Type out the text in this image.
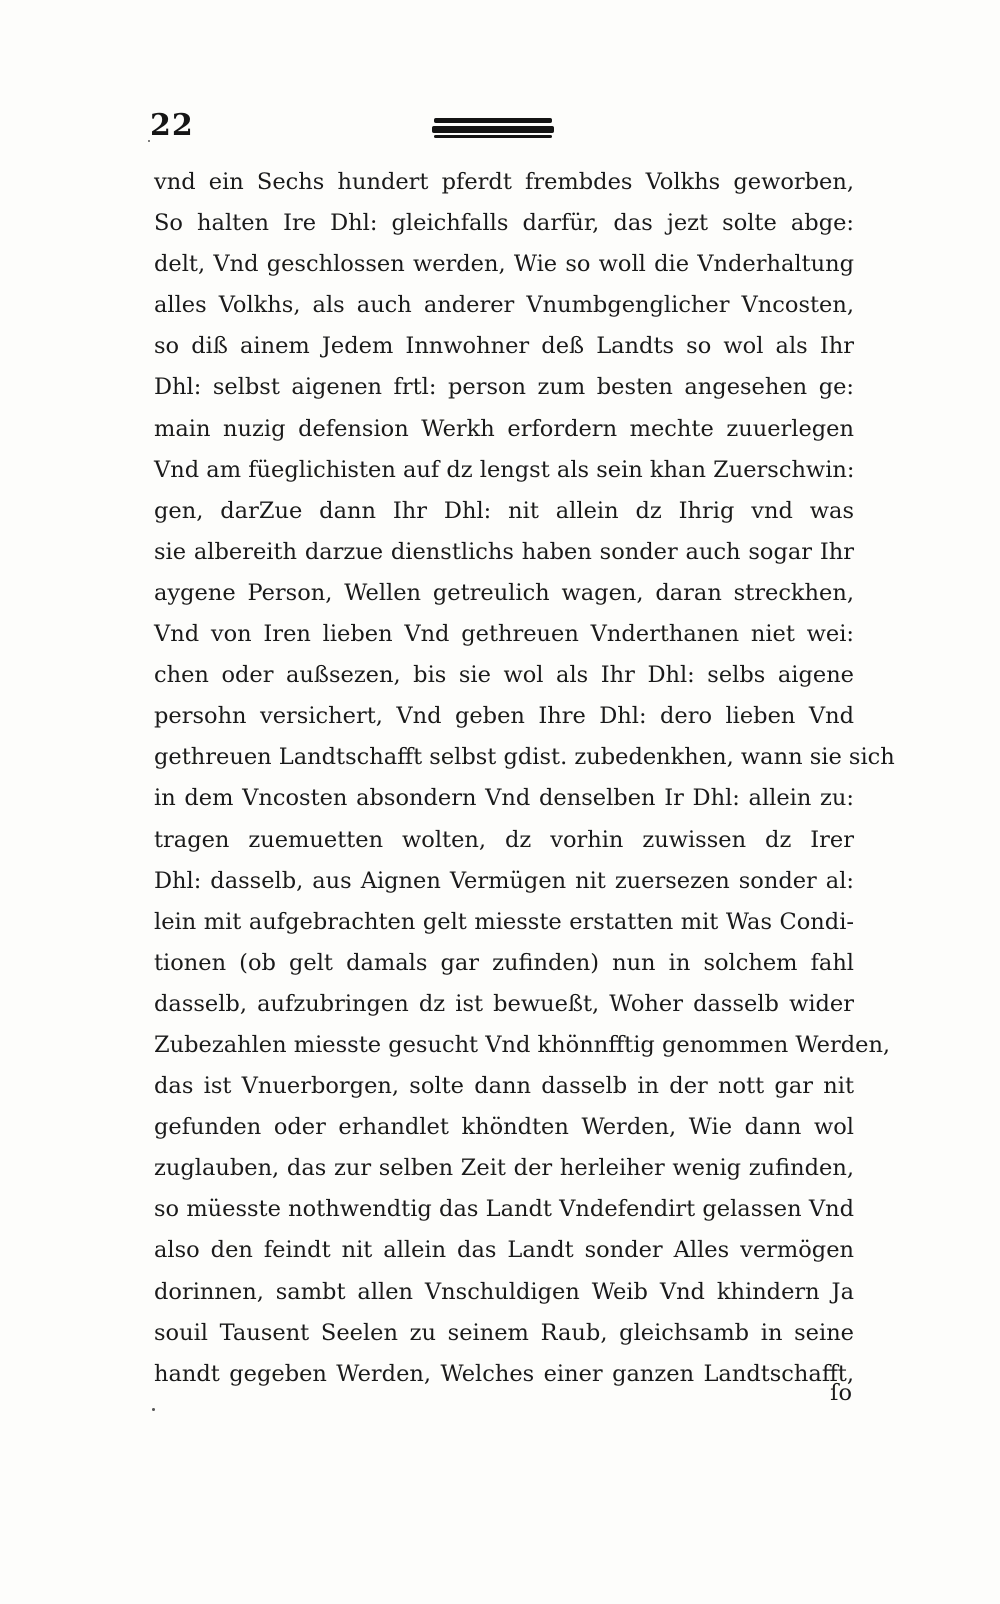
22
vnd ein Sechs hundert pferdt frembdes Volkhs geworben,
So halten Ire Dhl: gleichfalls darfür, das jezt solte abge:
delt, Vnd geschlossen werden, Wie so woll die Vnderhaltung
alles Volkhs, als auch anderer Vnumbgenglicher Vncosten,
so diß ainem Jedem Innwohner deß Landts so wol als Ihr
Dhl: selbst aigenen frtl: person zum besten angesehen ge:
main nuzig defension Werkh erfordern mechte zuuerlegen
Vnd am füeglichisten auf dz lengst als sein khan Zuerschwin:
gen, darZue dann Ihr Dhl: nit allein dz Ihrig vnd was
sie albereith darzue dienstlichs haben sonder auch sogar Ihr
aygene Person, Wellen getreulich wagen, daran streckhen,
Vnd von Iren lieben Vnd gethreuen Vnderthanen niet wei:
chen oder außsezen, bis sie wol als Ihr Dhl: selbs aigene
persohn versichert, Vnd geben Ihre Dhl: dero lieben Vnd
gethreuen Landtschafft selbst gdist. zubedenkhen, wann sie sich
in dem Vncosten absondern Vnd denselben Ir Dhl: allein zu:
tragen zuemuetten wolten, dz vorhin zuwissen dz Irer
Dhl: dasselb, aus Aignen Vermügen nit zuersezen sonder al:
lein mit aufgebrachten gelt miesste erstatten mit Was Condi-
tionen (ob gelt damals gar zufinden) nun in solchem fahl
dasselb, aufzubringen dz ist bewueßt, Woher dasselb wider
Zubezahlen miesste gesucht Vnd khönnfftig genommen Werden,
das ist Vnuerborgen, solte dann dasselb in der nott gar nit
gefunden oder erhandlet khöndten Werden, Wie dann wol
zuglauben, das zur selben Zeit der herleiher wenig zufinden,
so müesste nothwendtig das Landt Vndefendirt gelassen Vnd
also den feindt nit allein das Landt sonder Alles vermögen
dorinnen, sambt allen Vnschuldigen Weib Vnd khindern Ja
souil Tausent Seelen zu seinem Raub, gleichsamb in seine
handt gegeben Werden, Welches einer ganzen Landtschafft,
ſo
